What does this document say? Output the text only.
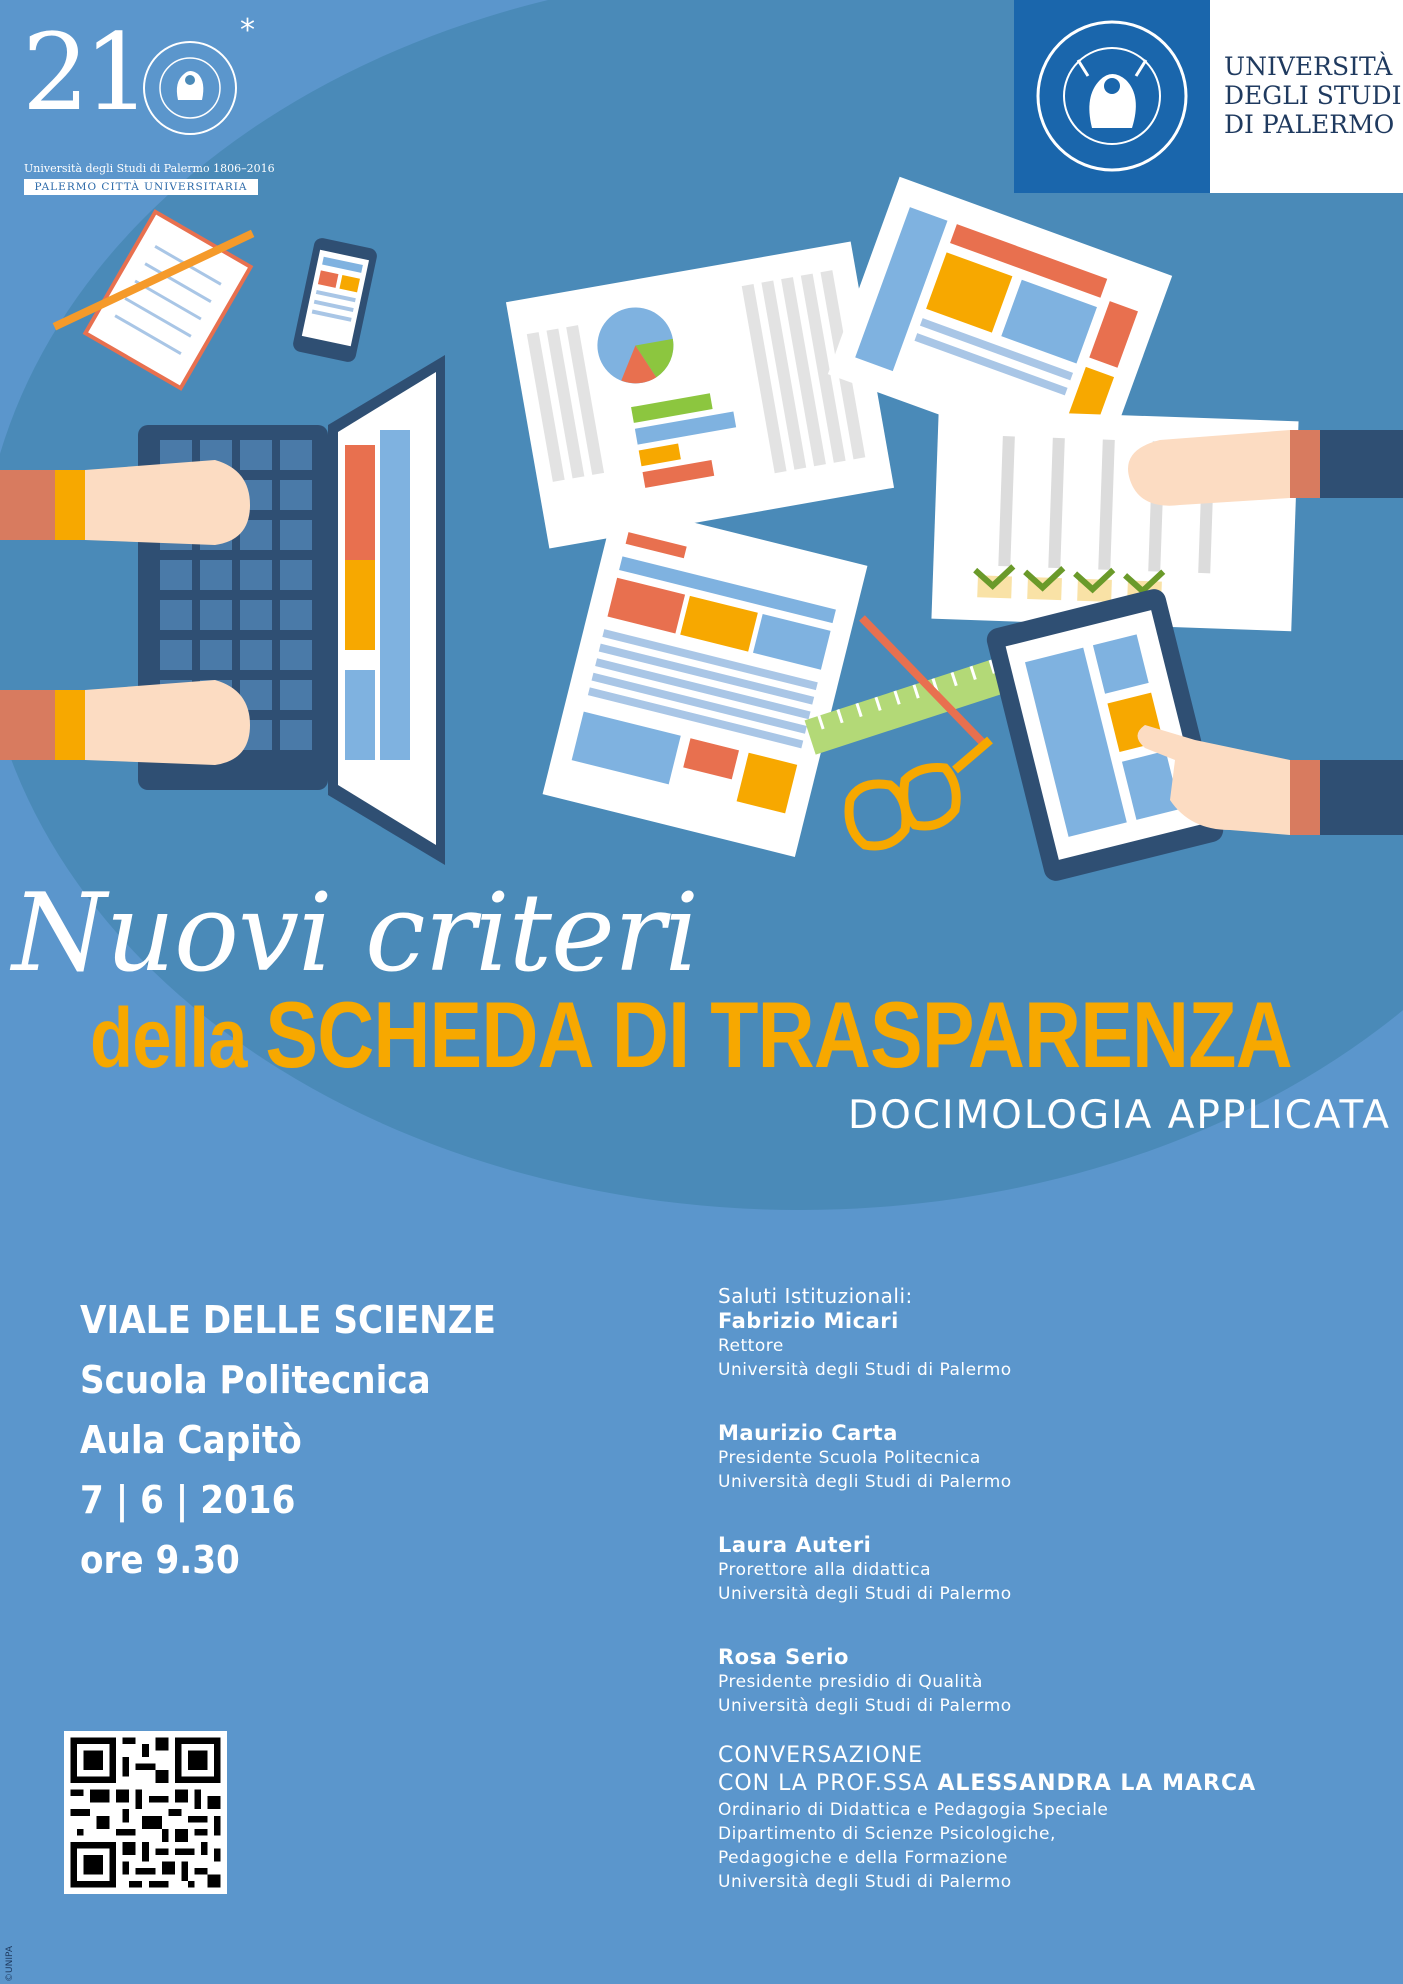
21	*
Università degli Studi di Palermo 1806–2016
PALERMO CITTÀ UNIVERSITARIA
UNIVERSITÀ
DEGLI STUDI
DI PALERMO
Nuovi criteri
della SCHEDA DI TRASPARENZA
DOCIMOLOGIA APPLICATA
VIALE DELLE SCIENZE
Scuola Politecnica
Aula Capitò
7 | 6 | 2016
ore 9.30
Saluti Istituzionali:
Fabrizio Micari
Rettore
Università degli Studi di Palermo
Maurizio Carta
Presidente Scuola Politecnica
Università degli Studi di Palermo
Laura Auteri
Prorettore alla didattica
Università degli Studi di Palermo
Rosa Serio
Presidente presidio di Qualità
Università degli Studi di Palermo
CONVERSAZIONE
CON LA PROF.SSA ALESSANDRA LA MARCA
Ordinario di Didattica e Pedagogia Speciale
Dipartimento di Scienze Psicologiche,
Pedagogiche e della Formazione
Università degli Studi di Palermo
©UNIPA
